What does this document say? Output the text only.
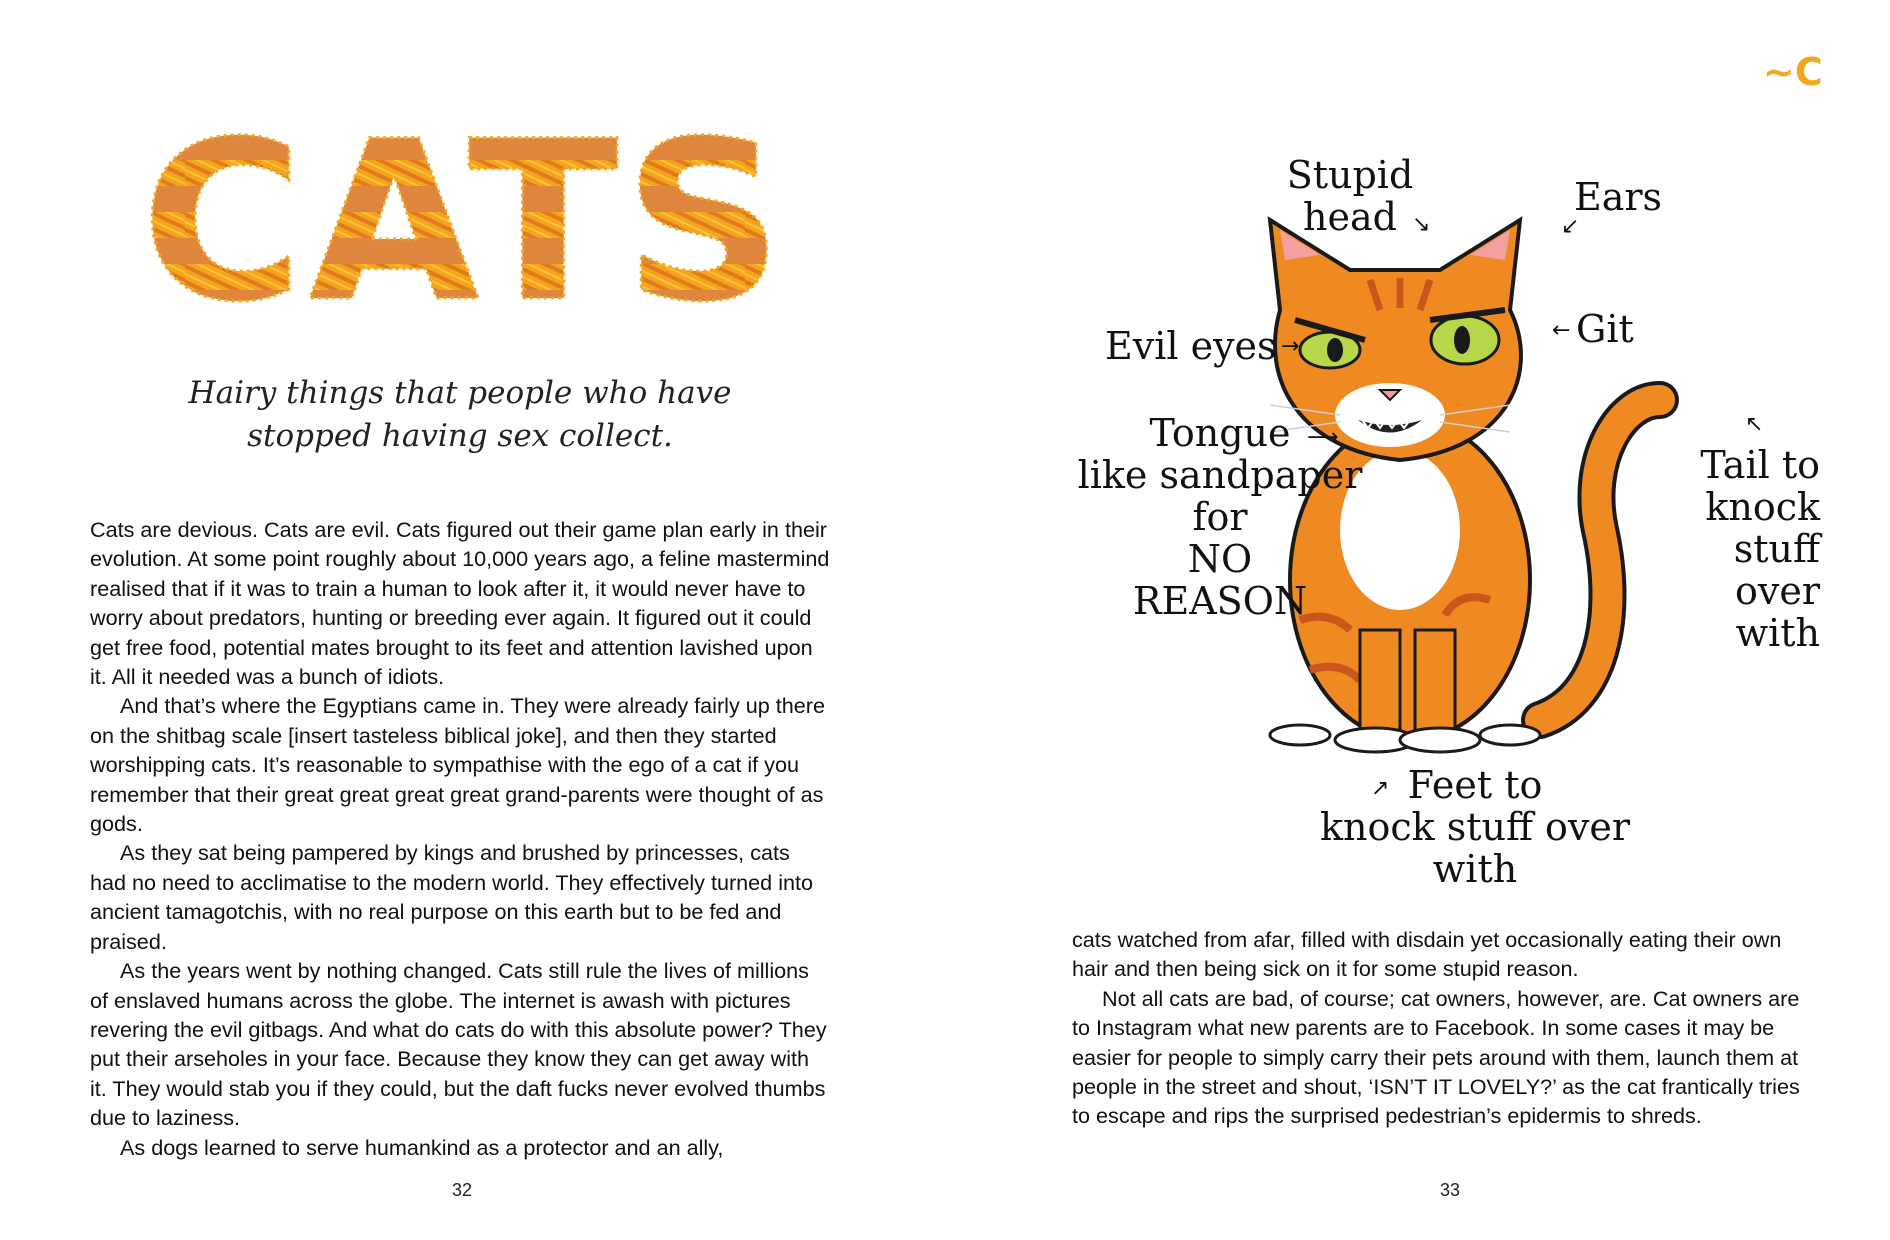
CATS
Hairy things that people who have
stopped having sex collect.

Cats are devious. Cats are evil. Cats figured out their game plan early in their evolution. At some point roughly about 10,000 years ago, a feline mastermind realised that if it was to train a human to look after it, it would never have to worry about predators, hunting or breeding ever again. It figured out it could get free food, potential mates brought to its feet and attention lavished upon it. All it needed was a bunch of idiots.

And that’s where the Egyptians came in. They were already fairly up there on the shitbag scale [insert tasteless biblical joke], and then they started worshipping cats. It’s reasonable to sympathise with the ego of a cat if you remember that their great great great great grand-parents were thought of as gods.

As they sat being pampered by kings and brushed by princesses, cats had no need to acclimatise to the modern world. They effectively turned into ancient tamagotchis, with no real purpose on this earth but to be fed and praised.

As the years went by nothing changed. Cats still rule the lives of millions of enslaved humans across the globe. The internet is awash with pictures revering the evil gitbags. And what do cats do with this absolute power? They put their arseholes in your face. Because they know they can get away with it. They would stab you if they could, but the daft fucks never evolved thumbs due to laziness.

As dogs learned to serve humankind as a protector and an ally,

32
~C
Stupid
head ↘
Ears
↙
Evil eyes →
← Git
Tongue
like sandpaper
for
NO
REASON
⟶
↖
Tail to
knock
stuff
over
with
↗ Feet to
knock stuff over
with

cats watched from afar, filled with disdain yet occasionally eating their own hair and then being sick on it for some stupid reason.

Not all cats are bad, of course; cat owners, however, are. Cat owners are to Instagram what new parents are to Facebook. In some cases it may be easier for people to simply carry their pets around with them, launch them at people in the street and shout, ‘ISN’T IT LOVELY?’ as the cat frantically tries to escape and rips the surprised pedestrian’s epidermis to shreds.

33
